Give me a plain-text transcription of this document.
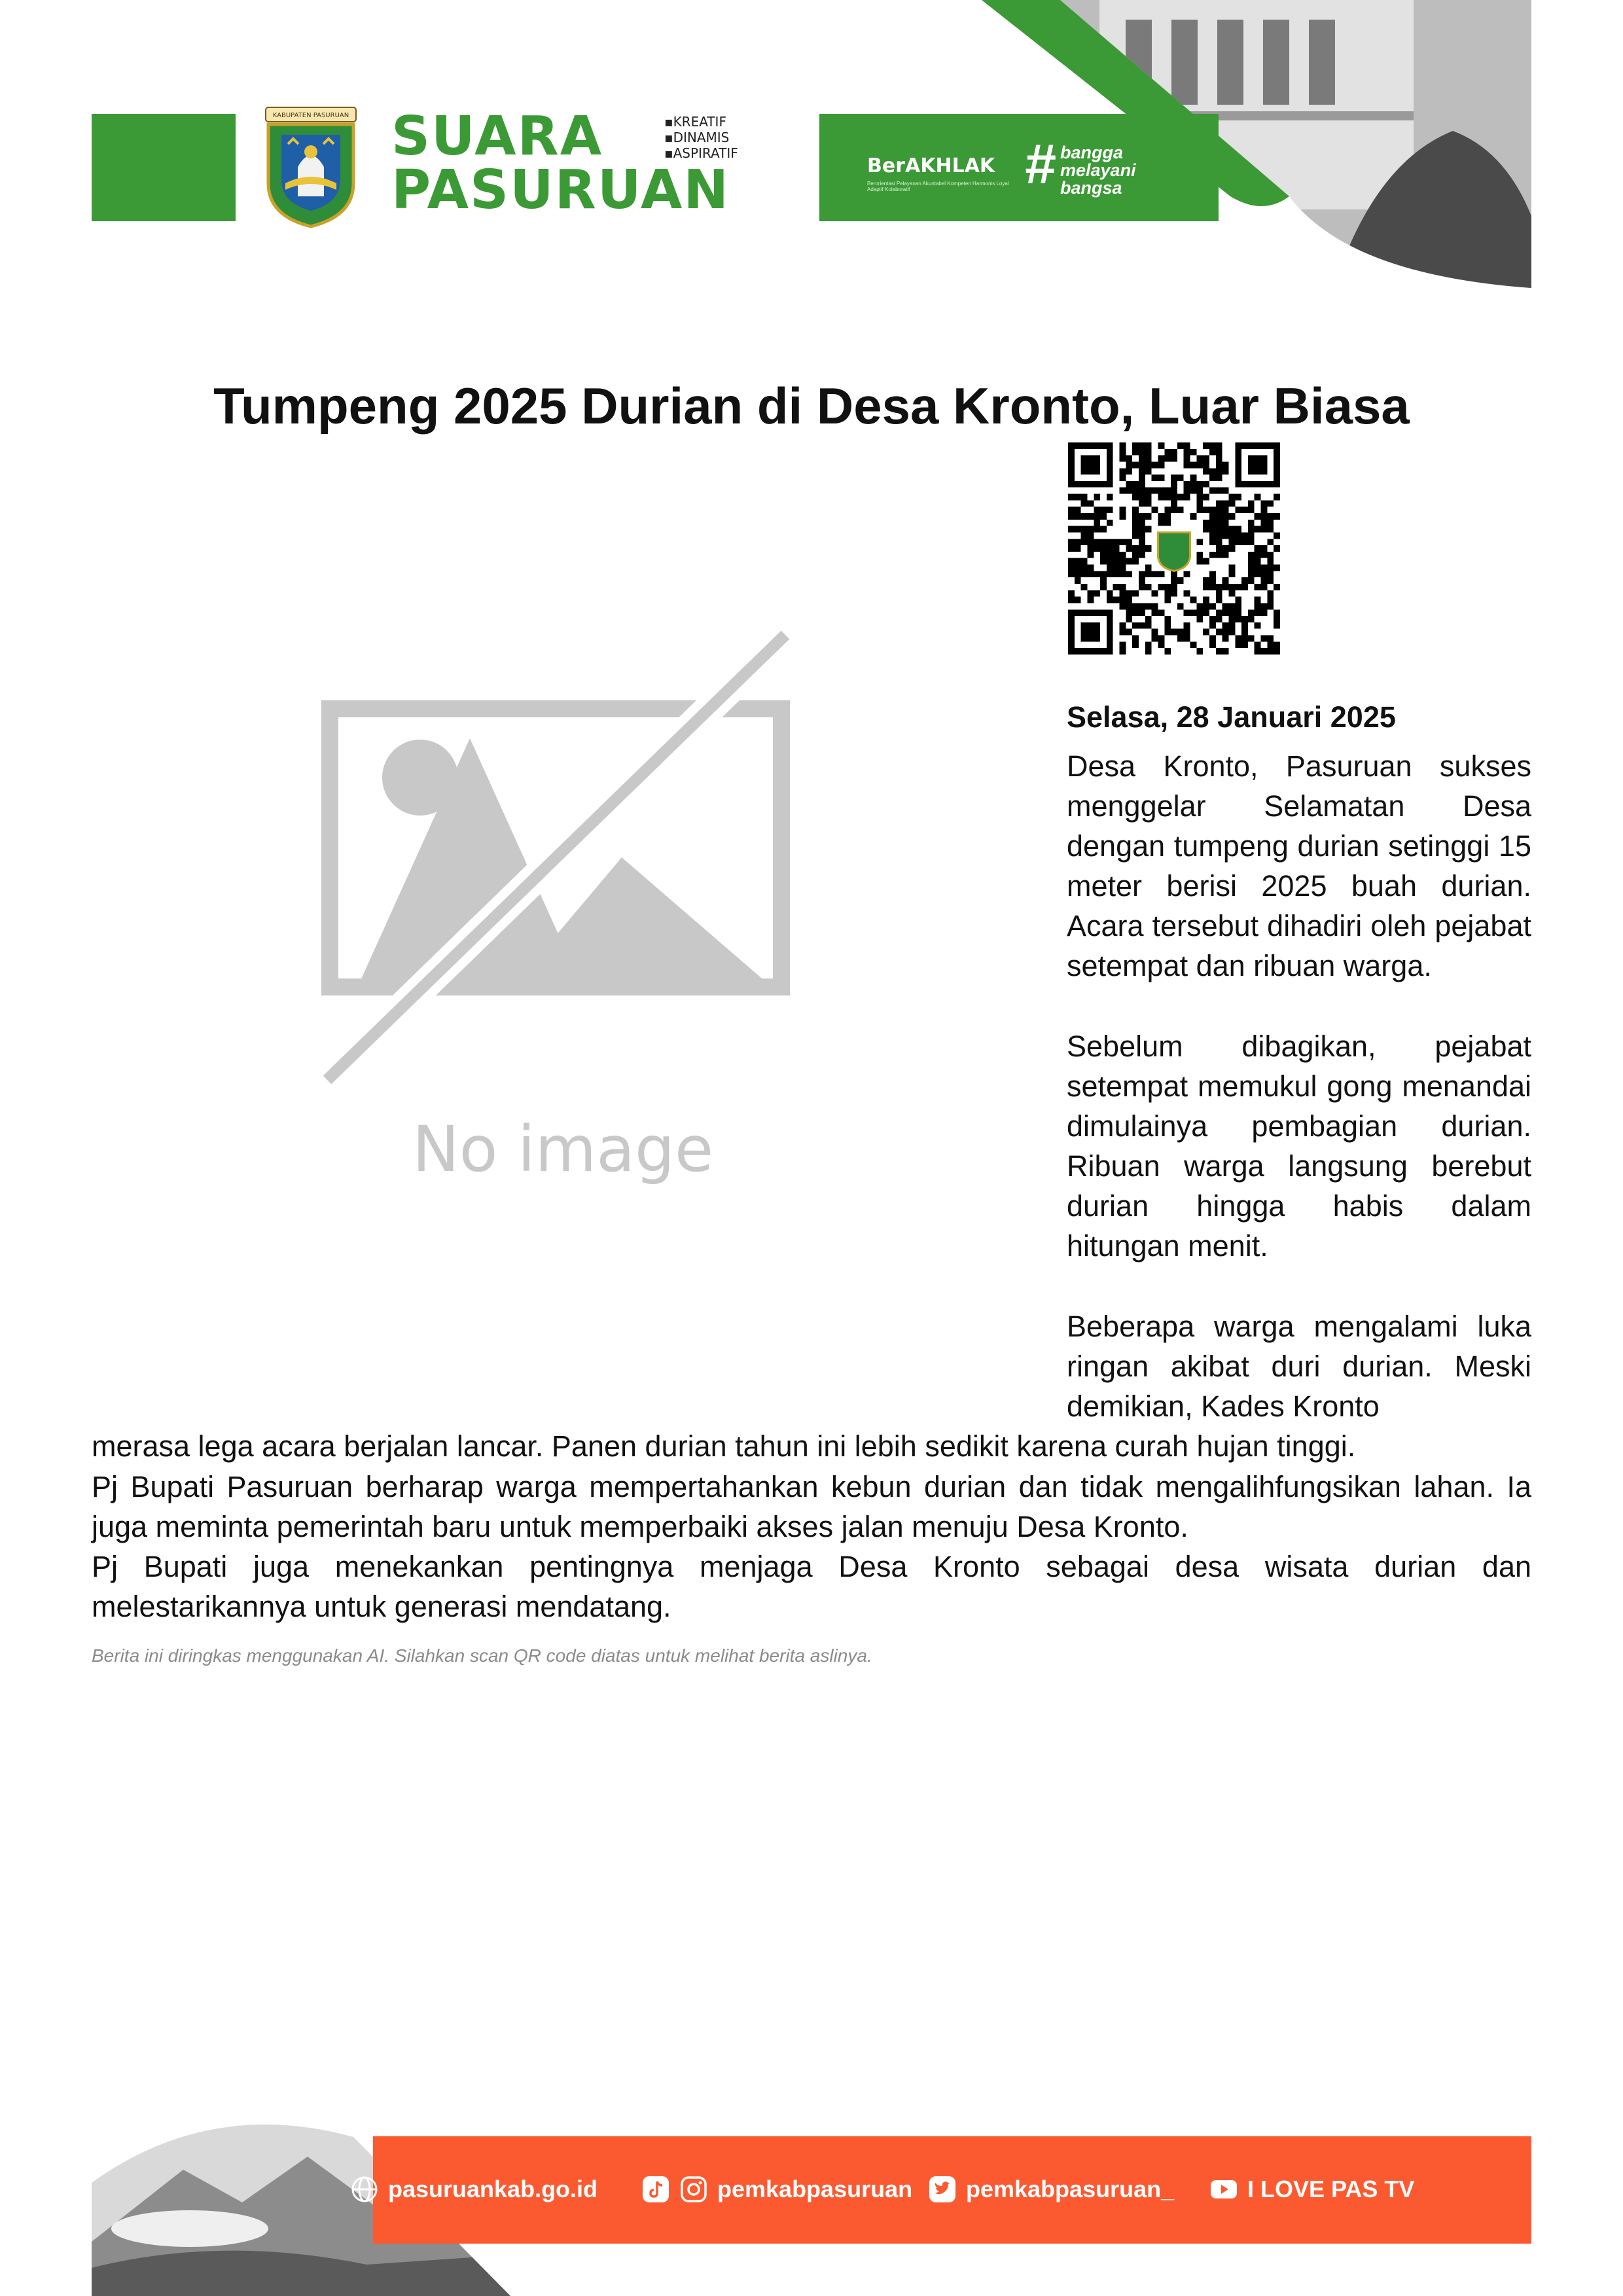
KABUPATEN PASURUAN SUARA
PASURUAN
▪ KREATIF
▪ DINAMIS
▪ ASPIRATIF
BerAKHLAK
Berorientasi Pelayanan Akuntabel Kompeten Harmonis Loyal Adaptif Kolaboratif	# bangga
melayani
bangsa
Tumpeng 2025 Durian di Desa Kronto, Luar Biasa
No image
Selasa, 28 Januari 2025

Desa Kronto, Pasuruan sukses menggelar Selamatan Desa dengan tumpeng durian setinggi 15 meter berisi 2025 buah durian. Acara tersebut dihadiri oleh pejabat setempat dan ribuan warga.

Sebelum dibagikan, pejabat setempat memukul gong menandai dimulainya pembagian durian. Ribuan warga langsung berebut durian hingga habis dalam hitungan menit.

Beberapa warga mengalami luka ringan akibat duri durian. Meski demikian, Kades Kronto

merasa lega acara berjalan lancar. Panen durian tahun ini lebih sedikit karena curah hujan tinggi.

Pj Bupati Pasuruan berharap warga mempertahankan kebun durian dan tidak mengalihfungsikan lahan. Ia juga meminta pemerintah baru untuk memperbaiki akses jalan menuju Desa Kronto.

Pj Bupati juga menekankan pentingnya menjaga Desa Kronto sebagai desa wisata durian dan melestarikannya untuk generasi mendatang.

Berita ini diringkas menggunakan AI. Silahkan scan QR code diatas untuk melihat berita aslinya.
pasuruankab.go.id	pemkabpasuruan pemkabpasuruan_	I LOVE PAS TV
